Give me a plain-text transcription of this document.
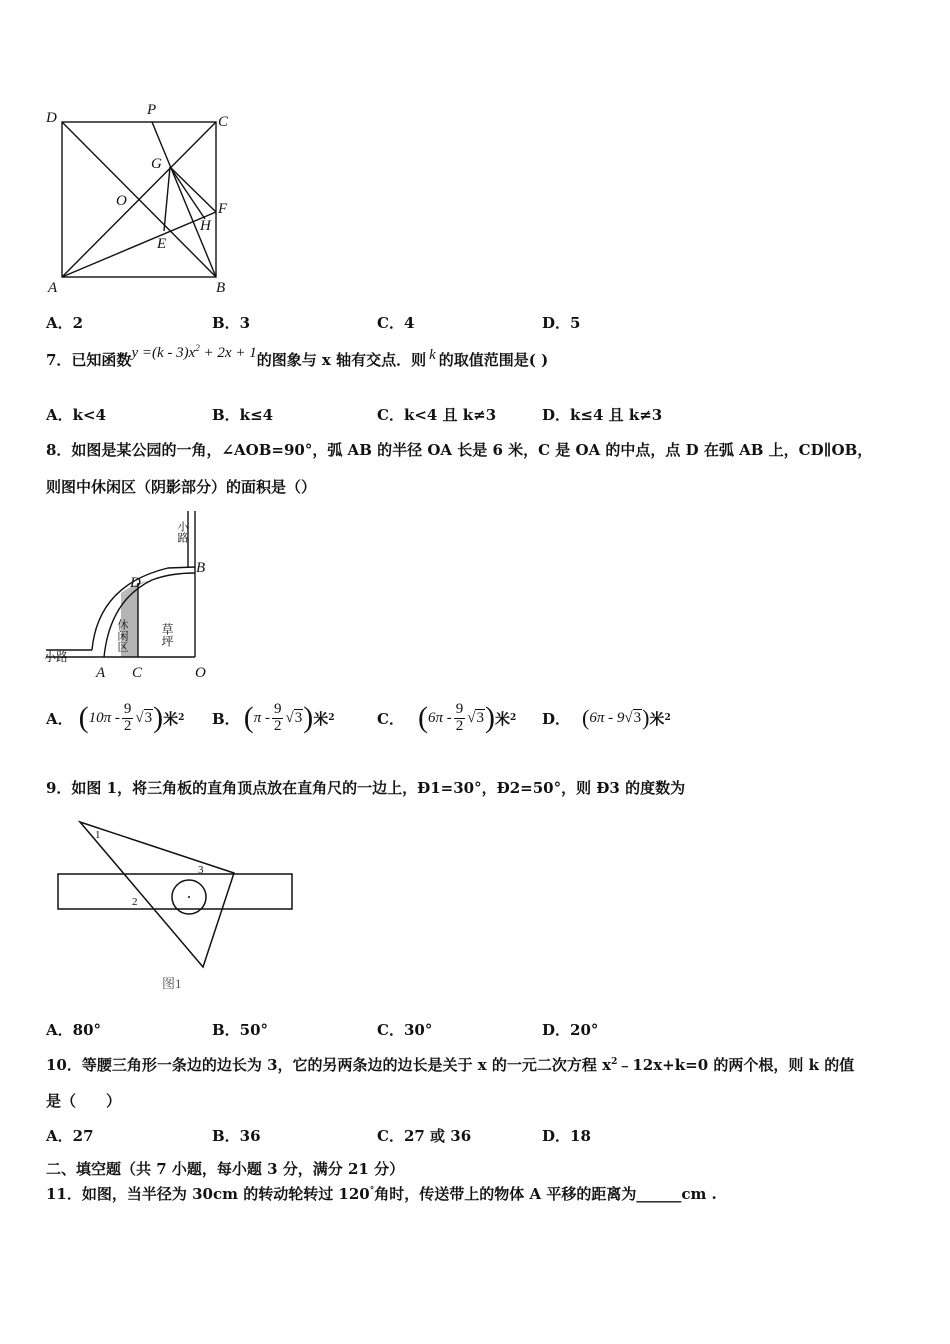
D	P
C
G
O	F
H
E
A	B
A．2	B．3	C．4	D．5
7．已知函数$y =(k - 3)x^2 + 2x + 1$的图象与 x 轴有交点．则 k 的取值范围是( )
A．k<4	B．k≤4	C．k<4 且 k≠3	D．k≤4 且 k≠3
8．如图是某公园的一角，∠AOB=90°，弧 AB 的半径 OA 长是 6 米，C 是 OA 的中点，点 D 在弧 AB 上，CD∥OB，
则图中休闲区（阴影部分）的面积是（）
小路
小路
休闲区	草坪
B
D
A C	O
A． ( $10\pi - \frac{9}{2} √3$ ) 米 2 B． ( π - $\frac{9}{2} √3$ ) 米 2	C． ( $6\pi - \frac{9}{2} √3$ ) 米 2 D． ( 6π - 9 √3 ) 米 2
9．如图 1，将三角板的直角顶点放在直角尺的一边上，Ð1=30°，Ð2=50°，则 Ð3 的度数为
1
2
3
图1
A．80°	B．50°	C．30°	D．20°
10．等腰三角形一条边的边长为 3，它的另两条边的边长是关于 x 的一元二次方程 $x^2﹣12x+k=0$ 的两个根，则 k 的值
是（　　）
A．27	B．36	C．27 或 36	D．18
二、填空题（共 7 小题，每小题 3 分，满分 21 分）
11．如图，当半径为 30cm 的转动轮转过 120°角时，传送带上的物体 A 平移的距离为______cm .
